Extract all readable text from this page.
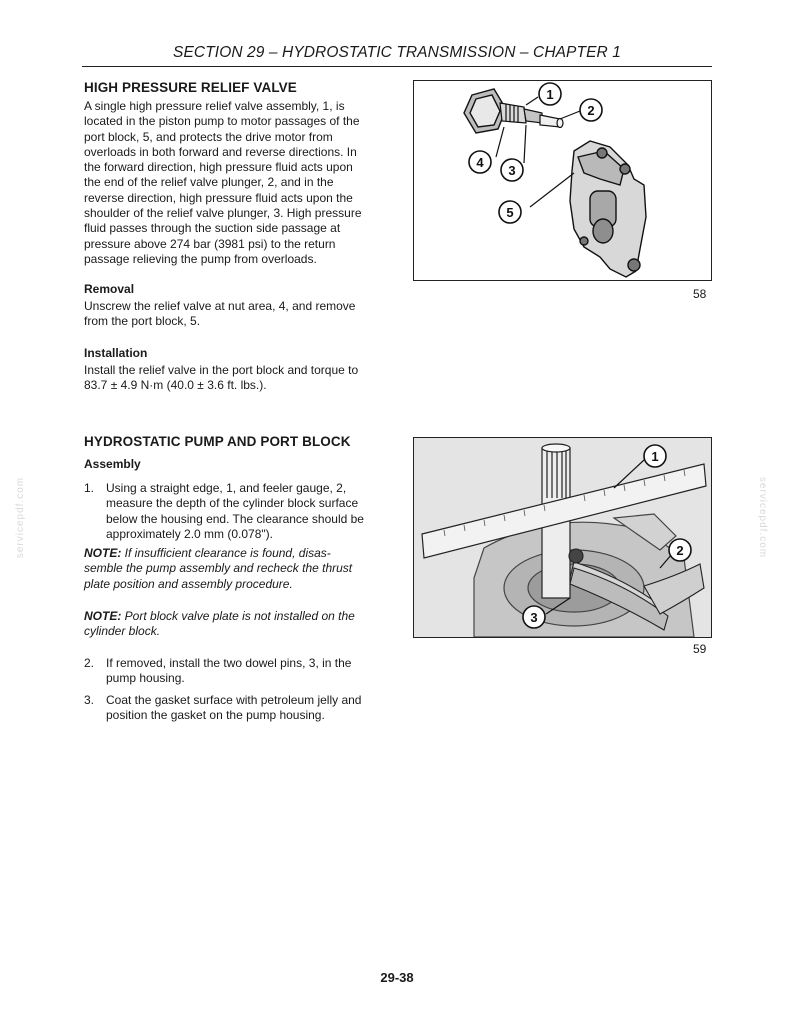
SECTION 29 – HYDROSTATIC TRANSMISSION – CHAPTER 1
HIGH PRESSURE RELIEF VALVE

A single high pressure relief valve assembly, 1, is

located in the piston pump to motor passages of the

port block, 5, and protects the drive motor from

overloads in both forward and reverse directions. In

the forward direction, high pressure fluid acts upon

the end of the relief valve plunger, 2, and in the

reverse direction, high pressure fluid acts upon the

shoulder of the relief valve plunger, 3. High pressure

fluid passes through the suction side passage at

pressure above 274 bar (3981 psi) to the return

passage relieving the pump from overloads.

Removal

Unscrew the relief valve at nut area, 4, and remove

from the port block, 5.

Installation

Install the relief valve in the port block and torque to

83.7 ± 4.9 N·m (40.0 ± 3.6 ft. lbs.).

HYDROSTATIC PUMP AND PORT BLOCK
Assembly
1. Using a straight edge, 1, and feeler gauge, 2,
measure the depth of the cylinder block surface
below the housing end. The clearance should be
approximately 2.0 mm (0.078").

NOTE: If insufficient clearance is found, disas-

semble the pump assembly and recheck the thrust

plate position and assembly procedure.

NOTE: Port block valve plate is not installed on the

cylinder block.

2. If removed, install the two dowel pins, 3, in the
pump housing.
3. Coat the gasket surface with petroleum jelly and
position the gasket on the pump housing.
1
2
3
4
5
58
1
2
3
59
servicepdf.com	servicepdf.com
29-38
